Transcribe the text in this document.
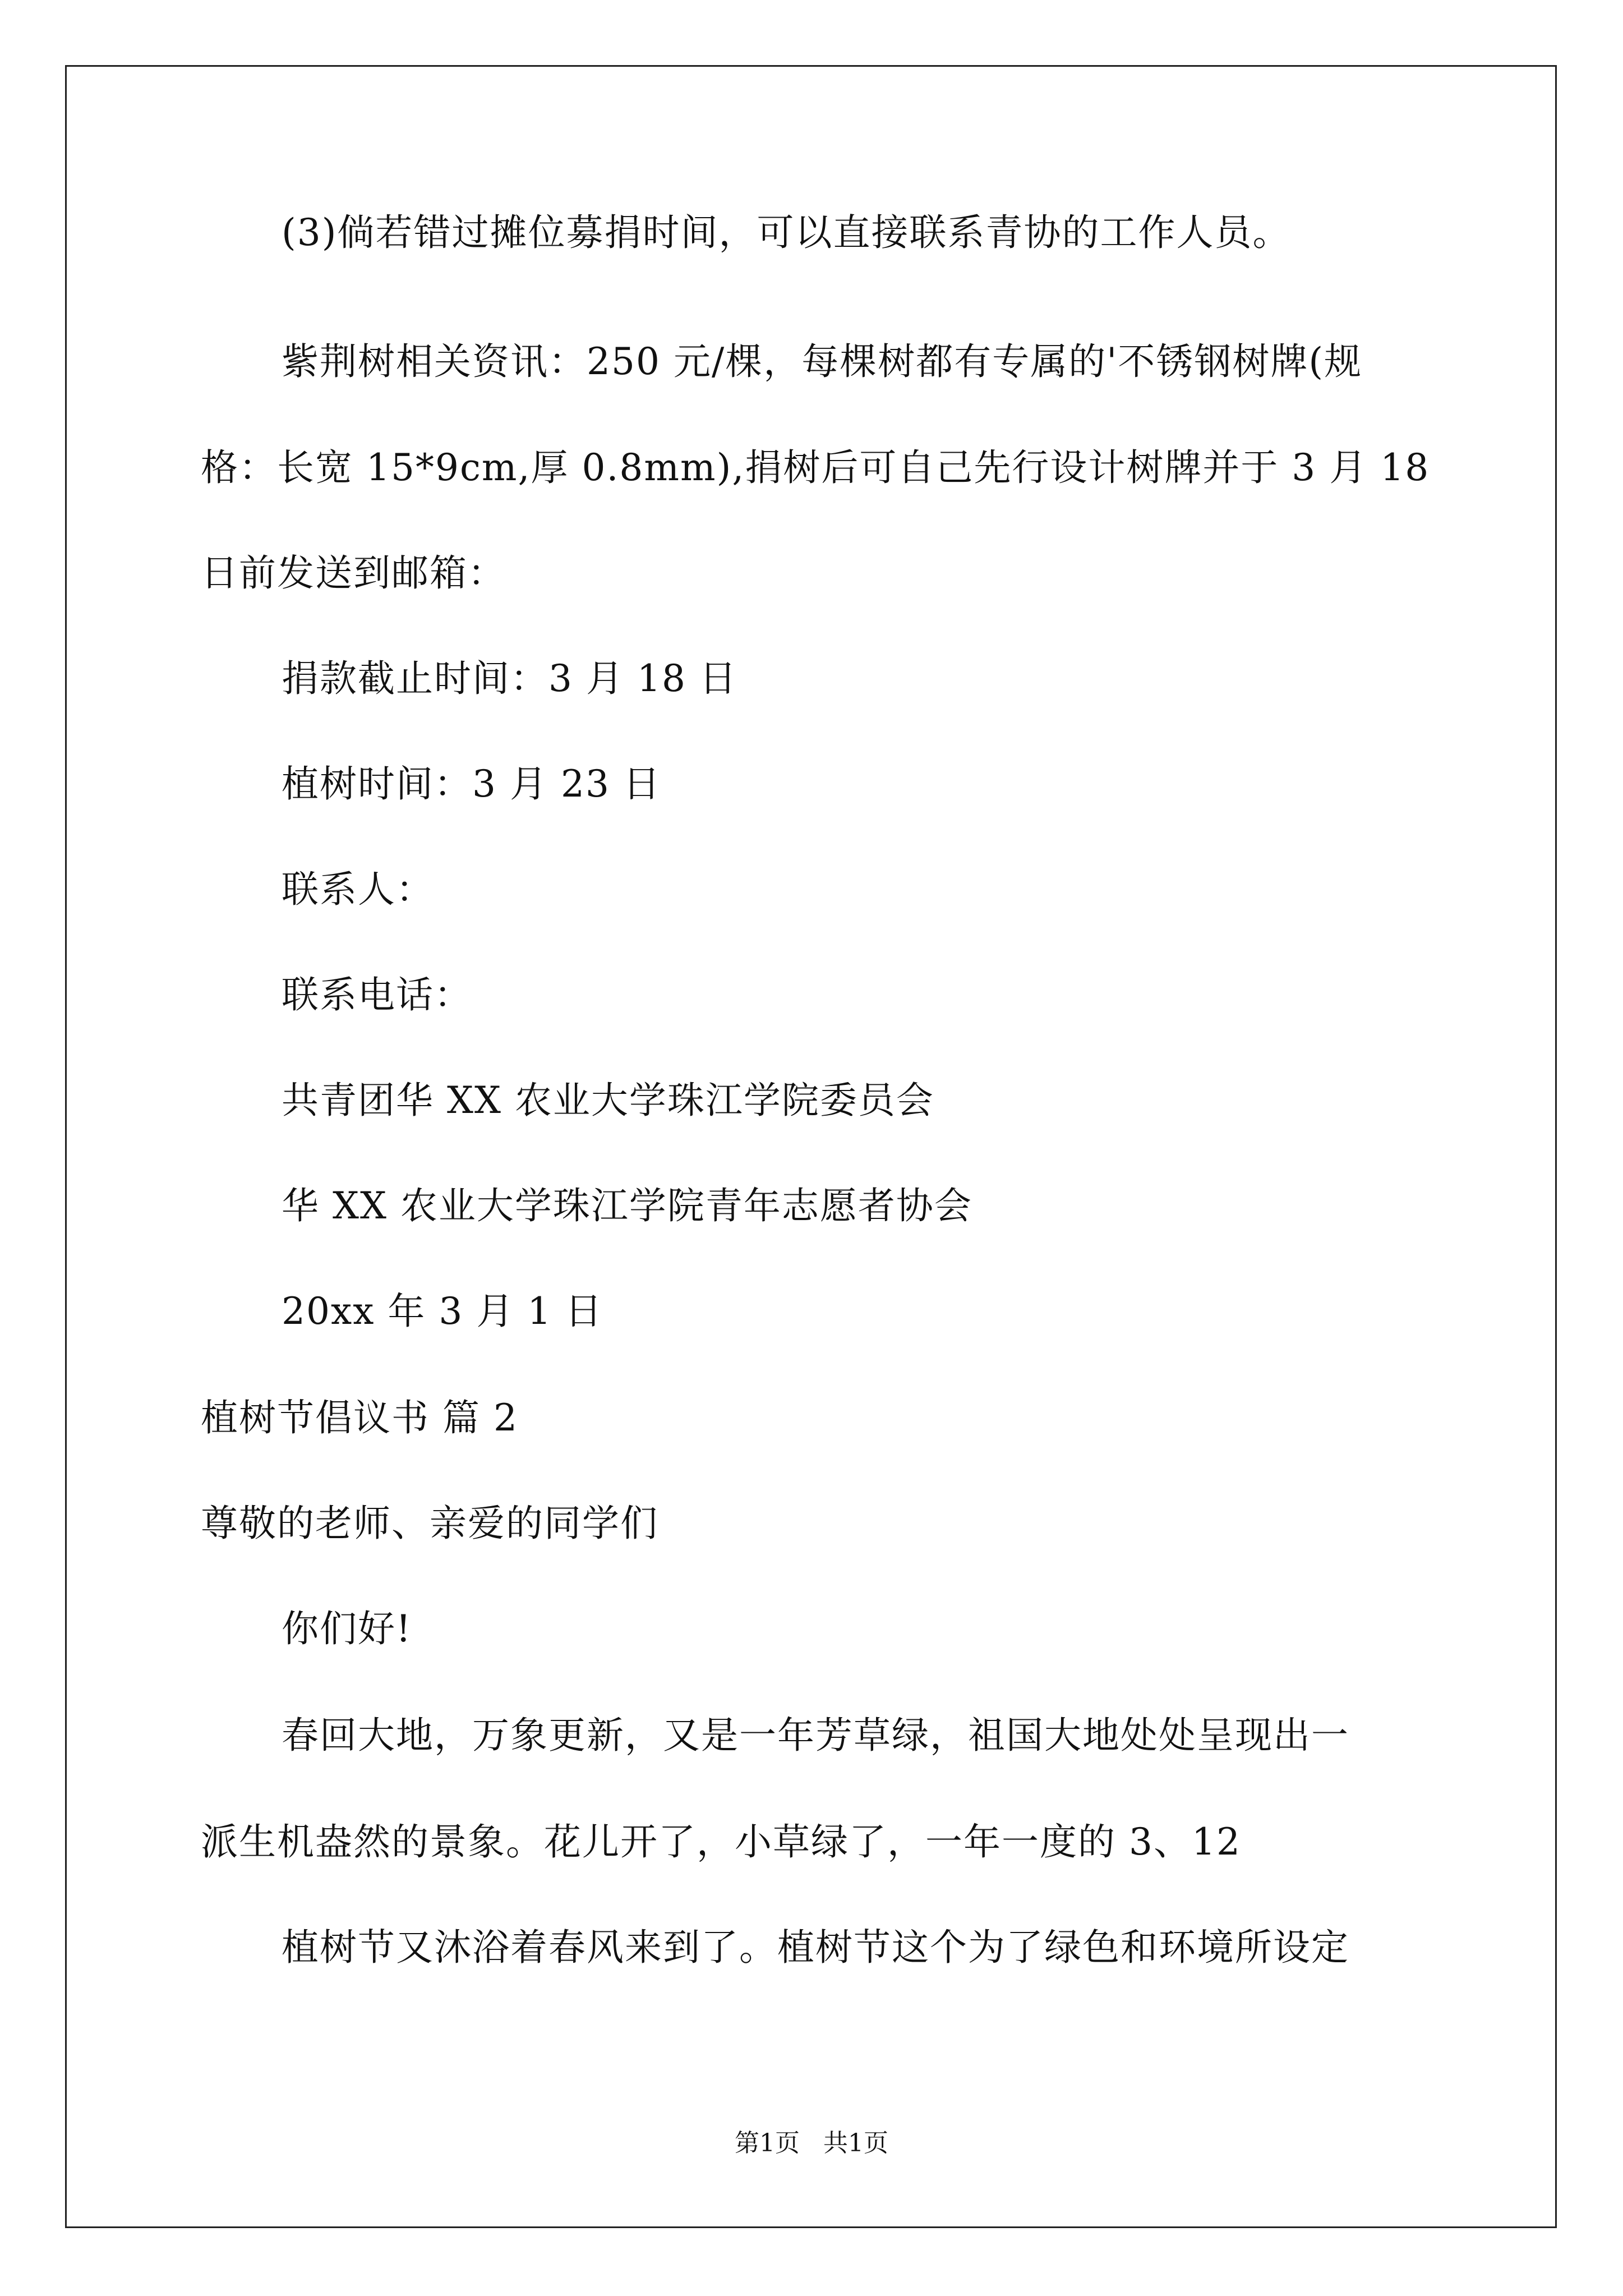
(3)倘若错过摊位募捐时间，可以直接联系青协的工作人员。
紫荆树相关资讯：250 元/棵，每棵树都有专属的'不锈钢树牌(规
格：长宽 15*9cm,厚 0.8mm),捐树后可自己先行设计树牌并于 3 月 18
日前发送到邮箱：
捐款截止时间：3 月 18 日
植树时间：3 月 23 日
联系人：
联系电话：
共青团华 XX 农业大学珠江学院委员会
华 XX 农业大学珠江学院青年志愿者协会
20xx 年 3 月 1 日
植树节倡议书 篇 2
尊敬的老师、亲爱的同学们
你们好!
春回大地，万象更新，又是一年芳草绿，祖国大地处处呈现出一
派生机盎然的景象。花儿开了，小草绿了，一年一度的 3、12
植树节又沐浴着春风来到了。植树节这个为了绿色和环境所设定
第1页   共1页
